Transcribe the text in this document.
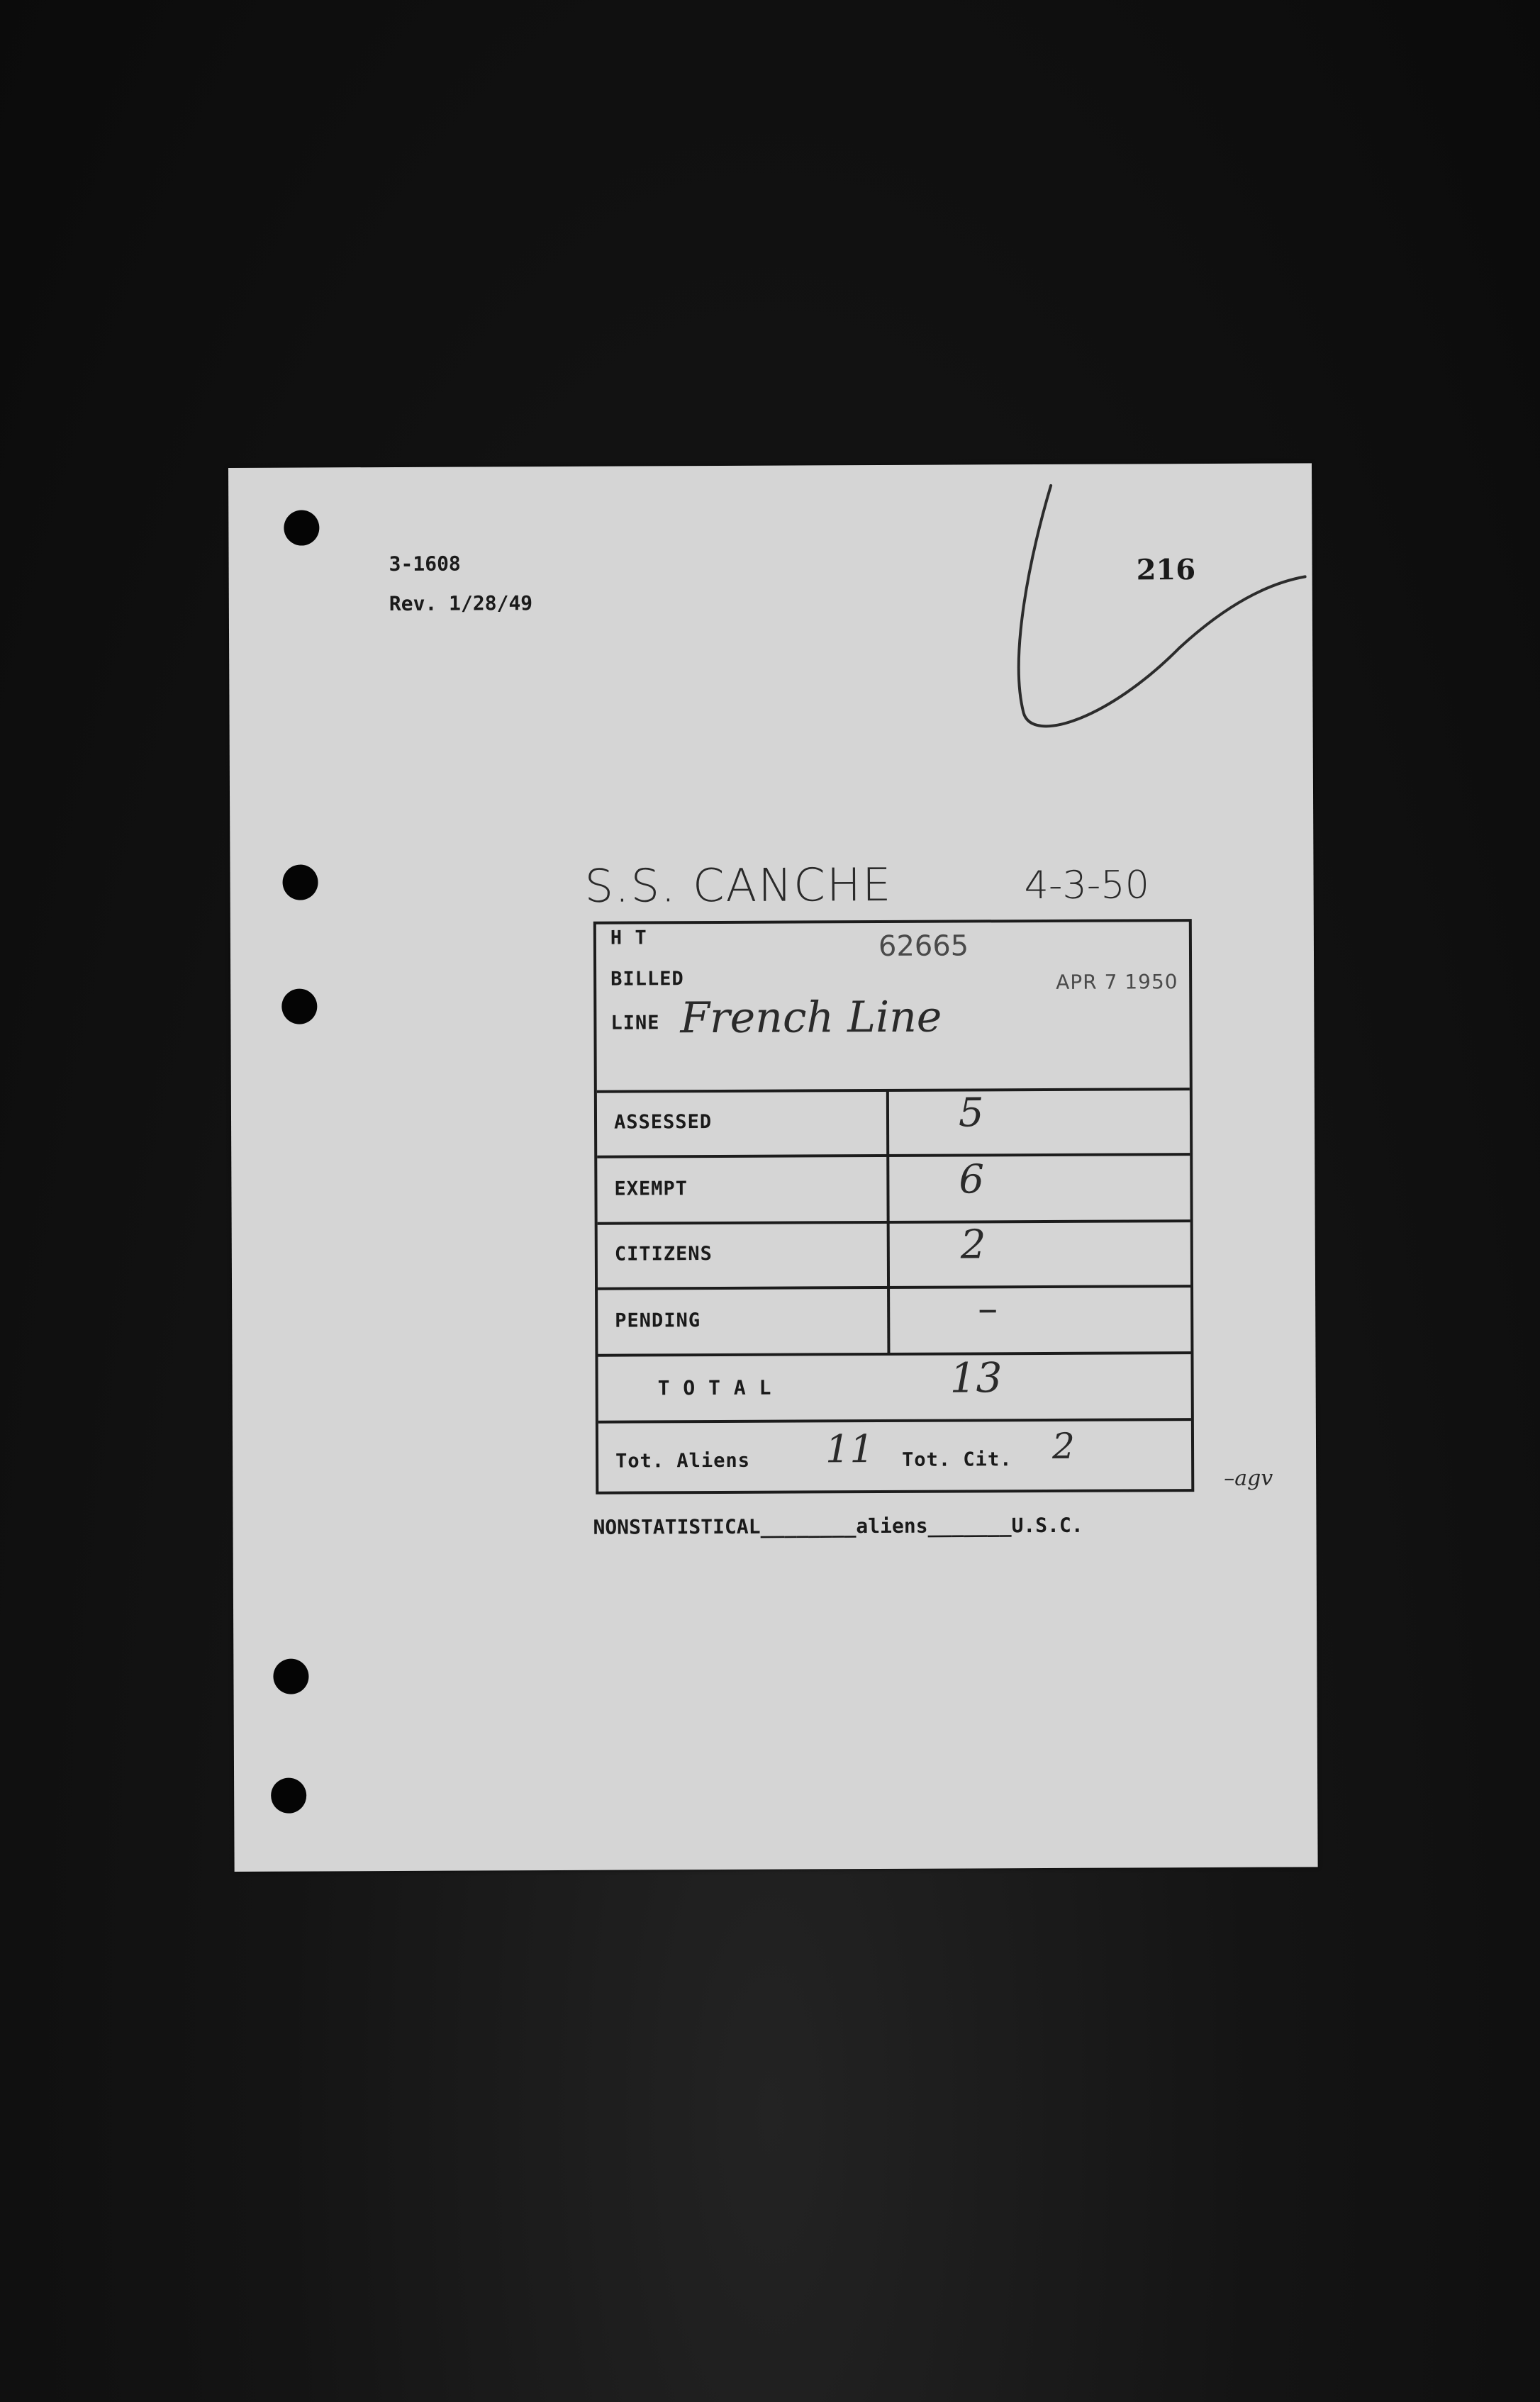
3-1608
Rev. 1/28/49
216
S.S. CANCHE	4-3-50
H T	62665
BILLED	APR 7 1950
LINE French Line
ASSESSED	5
EXEMPT	6
CITIZENS	2
PENDING	–
T O T A L	13
Tot. Aliens 11 Tot. Cit. 2
–agv
NONSTATISTICAL________aliens_______U.S.C.
